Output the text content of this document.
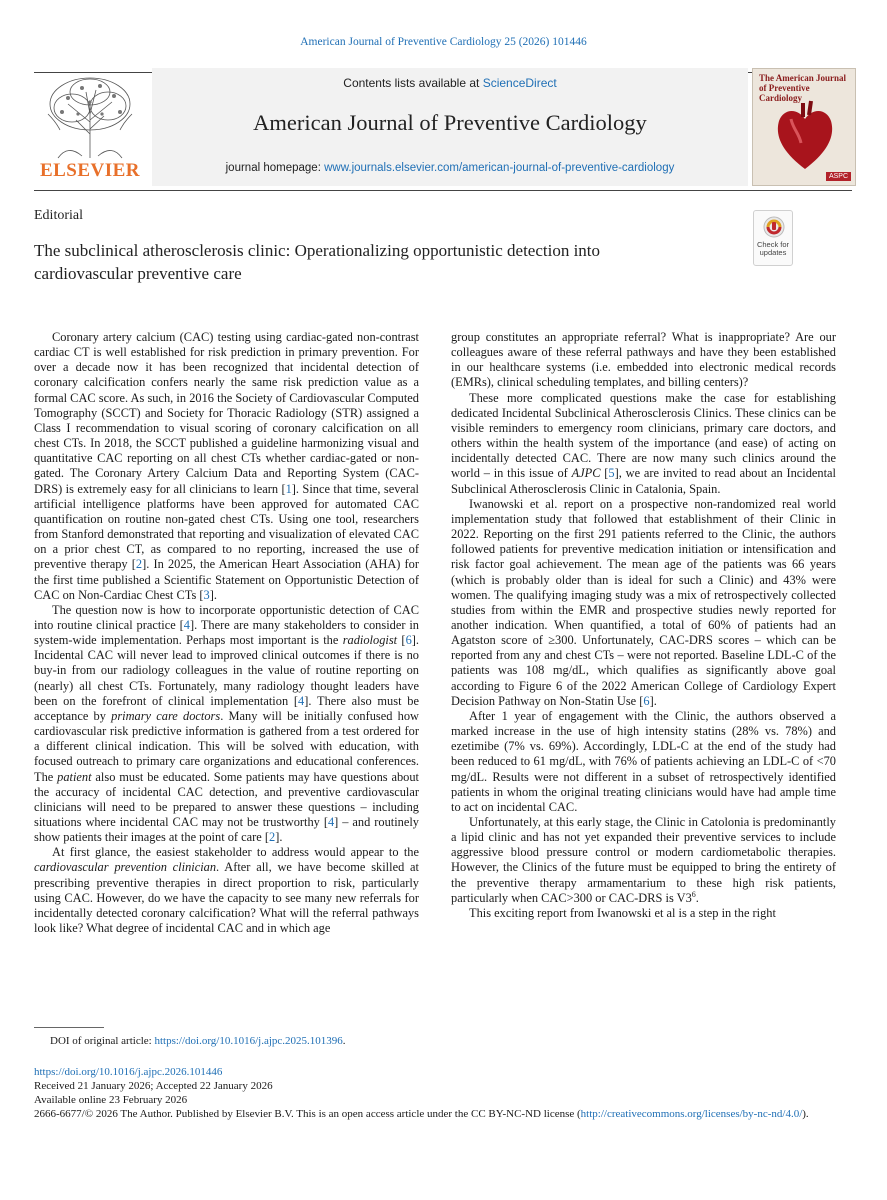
American Journal of Preventive Cardiology 25 (2026) 101446
ELSEVIER
Contents lists available at ScienceDirect
American Journal of Preventive Cardiology
journal homepage: www.journals.elsevier.com/american-journal-of-preventive-cardiology
The American Journal of Preventive Cardiology
ASPC
Editorial
The subclinical atherosclerosis clinic: Operationalizing opportunistic detection into cardiovascular preventive care
Check for updates

Coronary artery calcium (CAC) testing using cardiac-gated non-contrast cardiac CT is well established for risk prediction in primary prevention. For over a decade now it has been recognized that incidental detection of coronary calcification confers nearly the same risk prediction value as a formal CAC score. As such, in 2016 the Society of Cardiovascular Computed Tomography (SCCT) and Society for Thoracic Radiology (STR) assigned a Class I recommendation to visual scoring of coronary calcification on all chest CTs. In 2018, the SCCT published a guideline harmonizing visual and quantitative CAC reporting on all chest CTs whether cardiac-gated or non-gated. The Coronary Artery Calcium Data and Reporting System (CAC-DRS) is extremely easy for all clinicians to learn [1]. Since that time, several artificial intelligence platforms have been approved for automated CAC quantification on routine non-gated chest CTs. Using one tool, researchers from Stanford demonstrated that reporting and visualization of elevated CAC on a prior chest CT, as compared to no reporting, increased the use of preventive therapy [2]. In 2025, the American Heart Association (AHA) for the first time published a Scientific Statement on Opportunistic Detection of CAC on Non-Cardiac Chest CTs [3].

The question now is how to incorporate opportunistic detection of CAC into routine clinical practice [4]. There are many stakeholders to consider in system-wide implementation. Perhaps most important is the radiologist [6]. Incidental CAC will never lead to improved clinical outcomes if there is no buy-in from our radiology colleagues in the value of routine reporting on (nearly) all chest CTs. Fortunately, many radiology thought leaders have been on the forefront of clinical implementation [4]. There also must be acceptance by primary care doctors. Many will be initially confused how cardiovascular risk predictive information is gathered from a test ordered for a different clinical indication. This will be solved with education, with focused outreach to primary care organizations and educational conferences. The patient also must be educated. Some patients may have questions about the accuracy of incidental CAC detection, and preventive cardiovascular clinicians will need to be prepared to answer these questions – including situations where incidental CAC may not be trustworthy [4] – and routinely show patients their images at the point of care [2].

At first glance, the easiest stakeholder to address would appear to the cardiovascular prevention clinician. After all, we have become skilled at prescribing preventive therapies in direct proportion to risk, particularly using CAC. However, do we have the capacity to see many new referrals for incidentally detected coronary calcification? What will the referral pathways look like? What degree of incidental CAC and in which age

group constitutes an appropriate referral? What is inappropriate? Are our colleagues aware of these referral pathways and have they been established in our healthcare systems (i.e. embedded into electronic medical records (EMRs), clinical scheduling templates, and billing centers)?

These more complicated questions make the case for establishing dedicated Incidental Subclinical Atherosclerosis Clinics. These clinics can be visible reminders to emergency room clinicians, primary care doctors, and others within the health system of the importance (and ease) of acting on incidentally detected CAC. There are now many such clinics around the world – in this issue of AJPC [5], we are invited to read about an Incidental Subclinical Atherosclerosis Clinic in Catalonia, Spain.

Iwanowski et al. report on a prospective non-randomized real world implementation study that followed that establishment of their Clinic in 2022. Reporting on the first 291 patients referred to the Clinic, the authors followed patients for preventive medication initiation or intensification and risk factor goal achievement. The mean age of the patients was 66 years (which is probably older than is ideal for such a Clinic) and 43% were women. The qualifying imaging study was a mix of retrospectively collected studies from within the EMR and prospective studies newly reported for another indication. When quantified, a total of 60% of patients had an Agatston score of ≥300. Unfortunately, CAC-DRS scores – which can be reported from any and chest CTs – were not reported. Baseline LDL-C of the patients was 108 mg/dL, which qualifies as significantly above goal according to Figure 6 of the 2022 American College of Cardiology Expert Decision Pathway on Non-Statin Use [6].

After 1 year of engagement with the Clinic, the authors observed a marked increase in the use of high intensity statins (28% vs. 78%) and ezetimibe (7% vs. 69%). Accordingly, LDL-C at the end of the study had been reduced to 61 mg/dL, with 76% of patients achieving an LDL-C of <70 mg/dL. Results were not different in a subset of retrospectively identified patients in whom the original treating clinicians would have had ample time to act on incidental CAC.

Unfortunately, at this early stage, the Clinic in Catolonia is predominantly a lipid clinic and has not yet expanded their preventive services to include aggressive blood pressure control or modern cardiometabolic therapies. However, the Clinics of the future must be equipped to bring the entirety of the preventive therapy armamentarium to these high risk patients, particularly when CAC>300 or CAC-DRS is $V3^6$.

This exciting report from Iwanowski et al is a step in the right

DOI of original article: https://doi.org/10.1016/j.ajpc.2025.101396.
https://doi.org/10.1016/j.ajpc.2026.101446
Received 21 January 2026; Accepted 22 January 2026
Available online 23 February 2026
2666-6677/© 2026 The Author. Published by Elsevier B.V. This is an open access article under the CC BY-NC-ND license (http://creativecommons.org/licenses/by-nc-nd/4.0/).
